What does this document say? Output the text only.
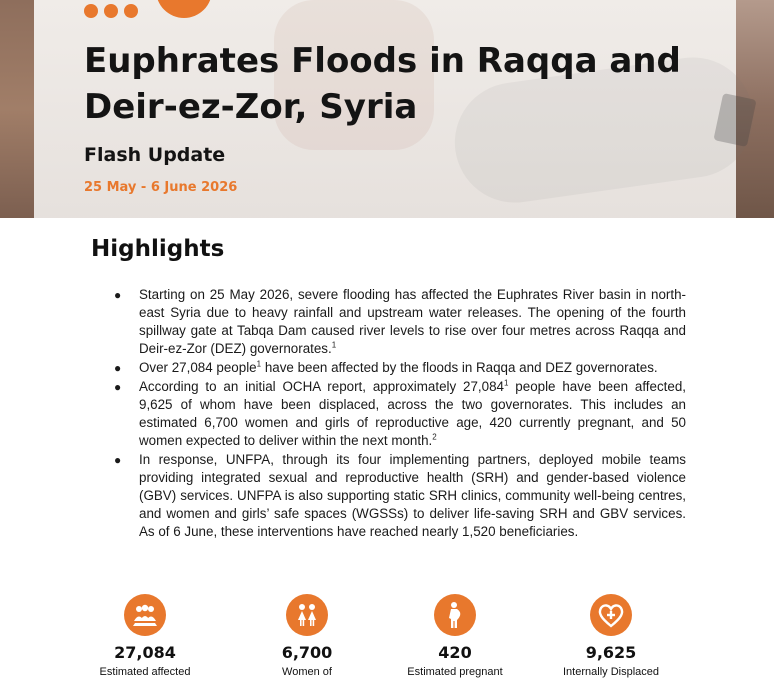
Euphrates Floods in Raqqa and
Deir-ez-Zor, Syria
Flash Update

25 May - 6 June 2026

Highlights
● Starting on 25 May 2026, severe flooding has affected the Euphrates River basin in north-east Syria due to heavy rainfall and upstream water releases. The opening of the fourth spillway gate at Tabqa Dam caused river levels to rise over four metres across Raqqa and Deir-ez-Zor (DEZ) governorates.$^1$
● Over 27,084 people$^1$ have been affected by the floods in Raqqa and DEZ governorates.
● According to an initial OCHA report, approximately 27,084$^1$ people have been affected, 9,625 of whom have been displaced, across the two governorates. This includes an estimated 6,700 women and girls of reproductive age, 420 currently pregnant, and 50 women expected to deliver within the next month.$^2$
● In response, UNFPA, through its four implementing partners, deployed mobile teams providing integrated sexual and reproductive health (SRH) and gender-based violence (GBV) services. UNFPA is also supporting static SRH clinics, community well-being centres, and women and girls’ safe spaces (WGSSs) to deliver life-saving SRH and GBV services. As of 6 June, these interventions have reached nearly 1,520 beneficiaries.
27,084
Estimated affected
6,700
Women of
420
Estimated pregnant
9,625
Internally Displaced
